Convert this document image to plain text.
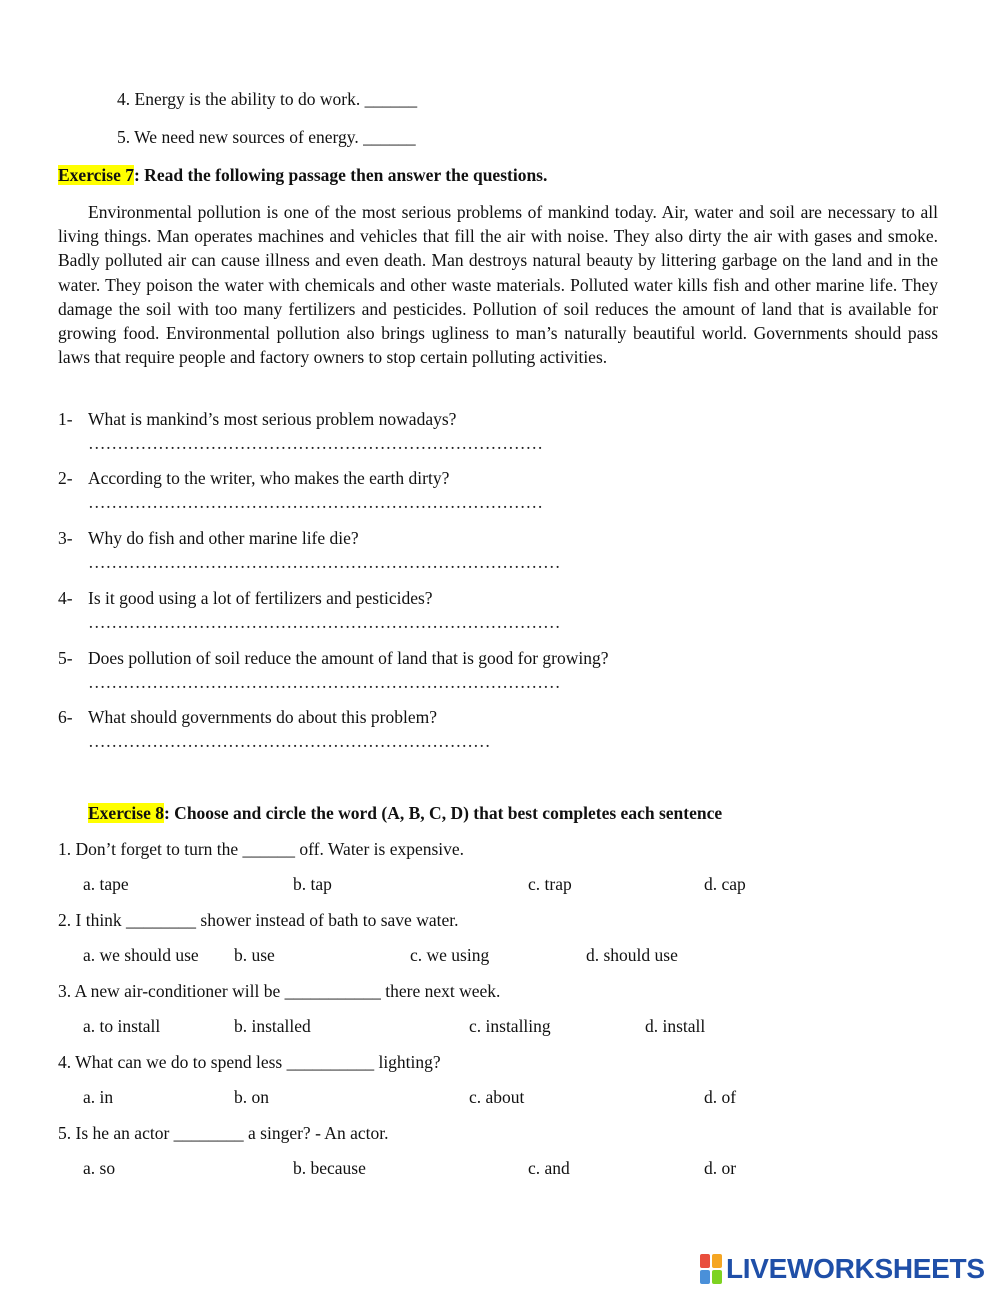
4. Energy is the ability to do work. ______
5. We need new sources of energy. ______
Exercise 7: Read the following passage then answer the questions.

Environmental pollution is one of the most serious problems of mankind today. Air, water and soil are necessary to all living things. Man operates machines and vehicles that fill the air with noise. They also dirty the air with gases and smoke. Badly polluted air can cause illness and even death. Man destroys natural beauty by littering garbage on the land and in the water. They poison the water with chemicals and other waste materials. Polluted water kills fish and other marine life. They damage the soil with too many fertilizers and pesticides. Pollution of soil reduces the amount of land that is available for growing food. Environmental pollution also brings ugliness to man’s naturally beautiful world. Governments should pass laws that require people and factory owners to stop certain polluting activities.

1- What is mankind’s most serious problem nowadays?
……………………………………………………………………
2- According to the writer, who makes the earth dirty?
……………………………………………………………………
3- Why do fish and other marine life die?
………………………………………………………………………
4- Is it good using a lot of fertilizers and pesticides?
………………………………………………………………………
5- Does pollution of soil reduce the amount of land that is good for growing?
………………………………………………………………………
6- What should governments do about this problem?
……………………………………………………………
Exercise 8: Choose and circle the word (A, B, C, D) that best completes each sentence
1. Don’t forget to turn the ______ off. Water is expensive.
a. tape	b. tap	c. trap	d. cap
2. I think ________ shower instead of bath to save water.
a. we should use b. use	c. we using	d. should use
3. A new air-conditioner will be ___________ there next week.
a. to install	b. installed	c. installing	d. install
4. What can we do to spend less __________ lighting?
a. in	b. on	c. about	d. of
5. Is he an actor ________ a singer? - An actor.
a. so	b. because	c. and	d. or
LIVEWORKSHEETS
